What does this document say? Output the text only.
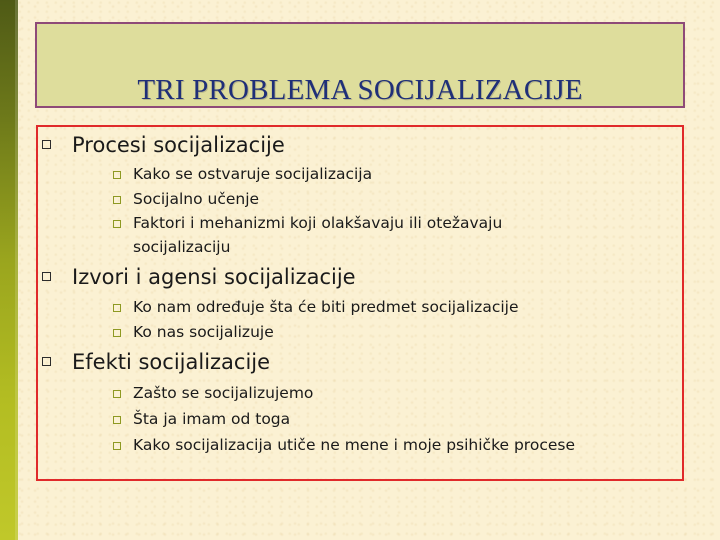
TRI PROBLEMA SOCIJALIZACIJE
Procesi socijalizacije
Kako se ostvaruje socijalizacija
Socijalno učenje
Faktori i mehanizmi koji olakšavaju ili otežavaju
socijalizaciju
Izvori i agensi socijalizacije
Ko nam određuje šta će biti predmet socijalizacije
Ko nas socijalizuje
Efekti socijalizacije
Zašto se socijalizujemo
Šta ja imam od toga
Kako socijalizacija utiče ne mene i moje psihičke procese
